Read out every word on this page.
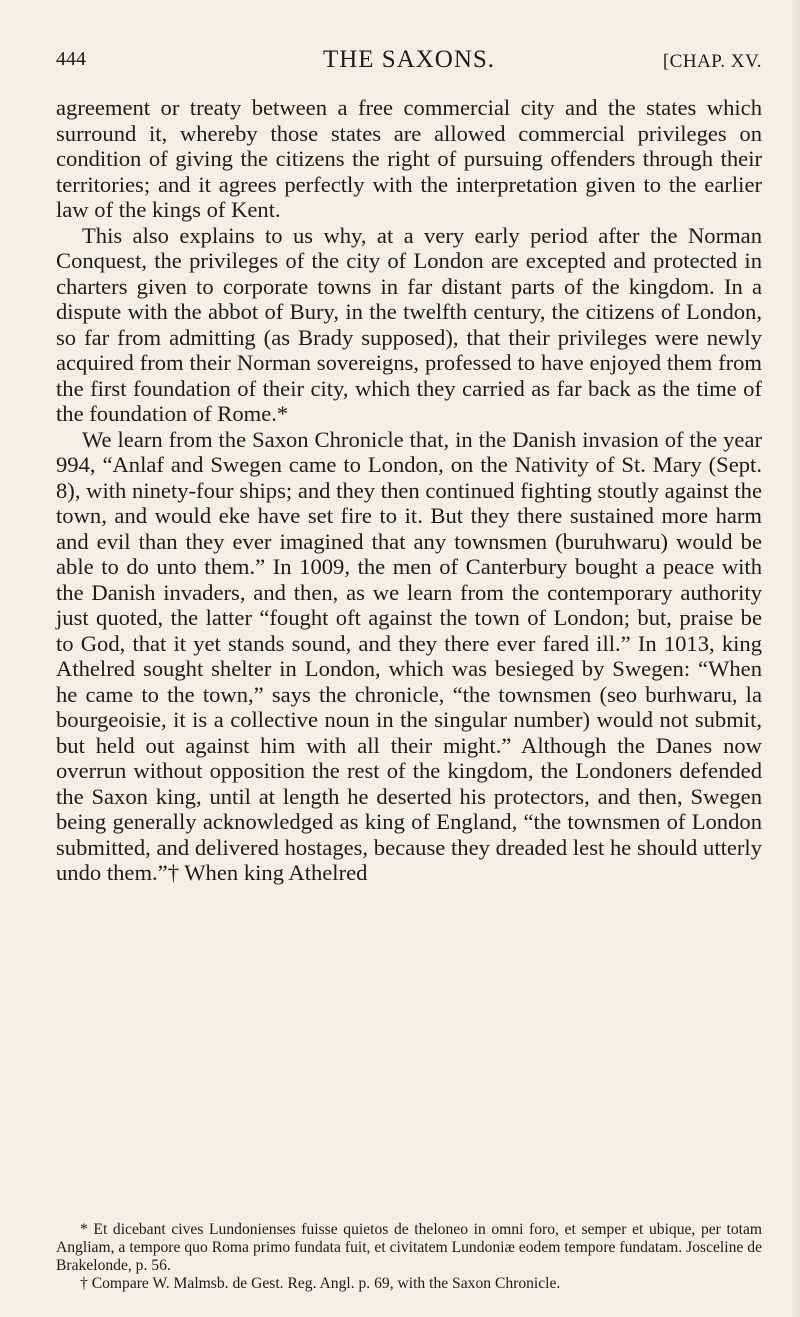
444	THE SAXONS.	[CHAP. XV.

agreement or treaty between a free commercial city and the states which surround it, whereby those states are allowed commercial privileges on condition of giving the citizens the right of pursuing offenders through their territories; and it agrees perfectly with the interpretation given to the earlier law of the kings of Kent.

This also explains to us why, at a very early period after the Norman Conquest, the privileges of the city of London are excepted and protected in charters given to corporate towns in far distant parts of the kingdom. In a dispute with the abbot of Bury, in the twelfth century, the citizens of London, so far from admitting (as Brady supposed), that their privileges were newly acquired from their Norman sovereigns, professed to have enjoyed them from the first foundation of their city, which they carried as far back as the time of the foundation of Rome.*

We learn from the Saxon Chronicle that, in the Danish invasion of the year 994, “Anlaf and Swegen came to London, on the Nativity of St. Mary (Sept. 8), with ninety-four ships; and they then continued fighting stoutly against the town, and would eke have set fire to it. But they there sustained more harm and evil than they ever imagined that any townsmen (buruhwaru) would be able to do unto them.” In 1009, the men of Canterbury bought a peace with the Danish invaders, and then, as we learn from the contemporary authority just quoted, the latter “fought oft against the town of London; but, praise be to God, that it yet stands sound, and they there ever fared ill.” In 1013, king Athelred sought shelter in London, which was besieged by Swegen: “When he came to the town,” says the chronicle, “the townsmen (seo burhwaru, la bourgeoisie, it is a collective noun in the singular number) would not submit, but held out against him with all their might.” Although the Danes now overrun without opposition the rest of the kingdom, the Londoners defended the Saxon king, until at length he deserted his protectors, and then, Swegen being generally acknowledged as king of England, “the townsmen of London submitted, and delivered hostages, because they dreaded lest he should utterly undo them.”† When king Athelred

* Et dicebant cives Lundonienses fuisse quietos de theloneo in omni foro, et semper et ubique, per totam Angliam, a tempore quo Roma primo fundata fuit, et civitatem Lundoniæ eodem tempore fundatam. Josceline de Brakelonde, p. 56.

† Compare W. Malmsb. de Gest. Reg. Angl. p. 69, with the Saxon Chronicle.
